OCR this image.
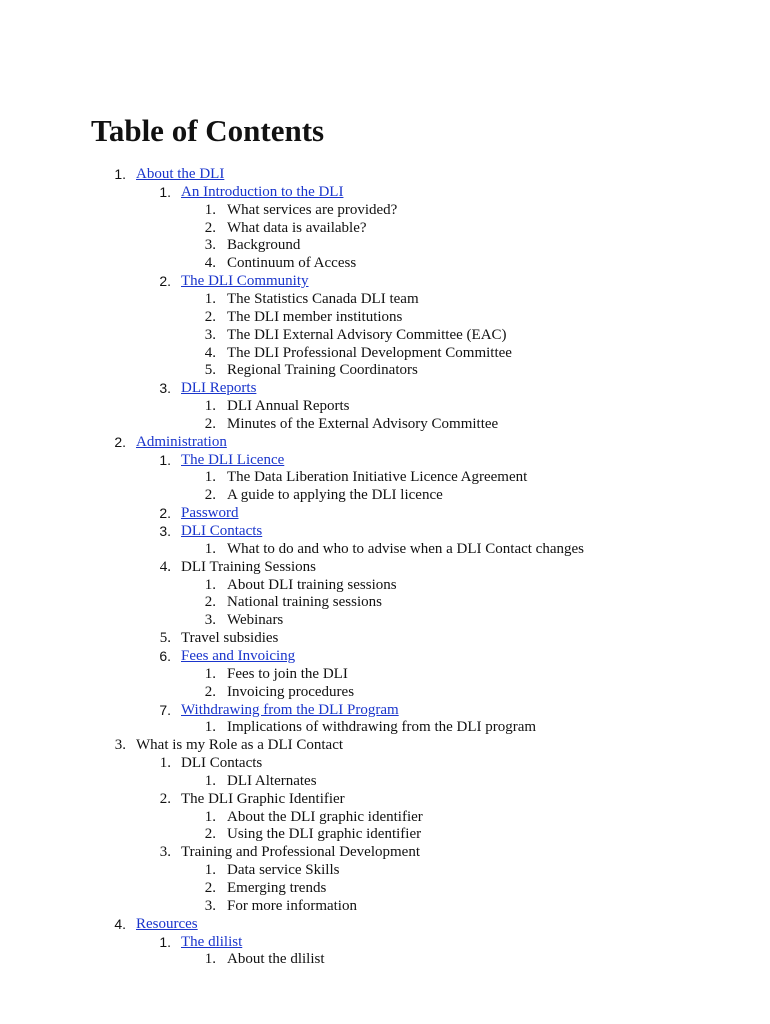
Table of Contents
1. About the DLI
1. An Introduction to the DLI
1. What services are provided?
2. What data is available?
3. Background
4. Continuum of Access
2. The DLI Community
1. The Statistics Canada DLI team
2. The DLI member institutions
3. The DLI External Advisory Committee (EAC)
4. The DLI Professional Development Committee
5. Regional Training Coordinators
3. DLI Reports
1. DLI Annual Reports
2. Minutes of the External Advisory Committee
2. Administration
1. The DLI Licence
1. The Data Liberation Initiative Licence Agreement
2. A guide to applying the DLI licence
2. Password
3. DLI Contacts
1. What to do and who to advise when a DLI Contact changes
4. DLI Training Sessions
1. About DLI training sessions
2. National training sessions
3. Webinars
5. Travel subsidies
6. Fees and Invoicing
1. Fees to join the DLI
2. Invoicing procedures
7. Withdrawing from the DLI Program
1. Implications of withdrawing from the DLI program
3. What is my Role as a DLI Contact
1. DLI Contacts
1. DLI Alternates
2. The DLI Graphic Identifier
1. About the DLI graphic identifier
2. Using the DLI graphic identifier
3. Training and Professional Development
1. Data service Skills
2. Emerging trends
3. For more information
4. Resources
1. The dlilist
1. About the dlilist
